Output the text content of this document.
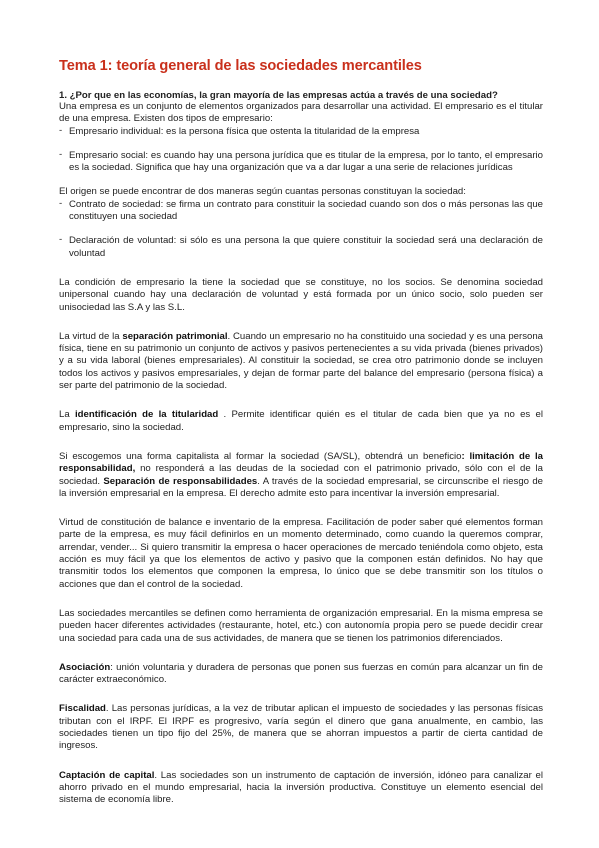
Tema 1: teoría general de las sociedades mercantiles

1. ¿Por que en las economías, la gran mayoría de las empresas actúa a través de una sociedad?

Una empresa es un conjunto de elementos organizados para desarrollar una actividad. El empresario es el titular de una empresa. Existen dos tipos de empresario:

- Empresario individual: es la persona física que ostenta la titularidad de la empresa
- Empresario social: es cuando hay una persona jurídica que es titular de la empresa, por lo tanto, el empresario es la sociedad. Significa que hay una organización que va a dar lugar a una serie de relaciones jurídicas

El origen se puede encontrar de dos maneras según cuantas personas constituyan la sociedad:

- Contrato de sociedad: se firma un contrato para constituir la sociedad cuando son dos o más personas las que constituyen una sociedad
- Declaración de voluntad: si sólo es una persona la que quiere constituir la sociedad será una declaración de voluntad

La condición de empresario la tiene la sociedad que se constituye, no los socios. Se denomina sociedad unipersonal cuando hay una declaración de voluntad y está formada por un único socio, solo pueden ser unisociedad las S.A y las S.L.

La virtud de la separación patrimonial. Cuando un empresario no ha constituido una sociedad y es una persona física, tiene en su patrimonio un conjunto de activos y pasivos pertenecientes a su vida privada (bienes privados) y a su vida laboral (bienes empresariales). Al constituir la sociedad, se crea otro patrimonio donde se incluyen todos los activos y pasivos empresariales, y dejan de formar parte del balance del empresario (persona física) a ser parte del patrimonio de la sociedad.

La identificación de la titularidad . Permite identificar quién es el titular de cada bien que ya no es el empresario, sino la sociedad.

Si escogemos una forma capitalista al formar la sociedad (SA/SL), obtendrá un beneficio: limitación de la responsabilidad, no responderá a las deudas de la sociedad con el patrimonio privado, sólo con el de la sociedad. Separación de responsabilidades. A través de la sociedad empresarial, se circunscribe el riesgo de la inversión empresarial en la empresa. El derecho admite esto para incentivar la inversión empresarial.

Virtud de constitución de balance e inventario de la empresa. Facilitación de poder saber qué elementos forman parte de la empresa, es muy fácil definirlos en un momento determinado, como cuando la queremos comprar, arrendar, vender... Si quiero transmitir la empresa o hacer operaciones de mercado teniéndola como objeto, esta acción es muy fácil ya que los elementos de activo y pasivo que la componen están definidos. No hay que transmitir todos los elementos que componen la empresa, lo único que se debe transmitir son los títulos o acciones que dan el control de la sociedad.

Las sociedades mercantiles se definen como herramienta de organización empresarial. En la misma empresa se pueden hacer diferentes actividades (restaurante, hotel, etc.) con autonomía propia pero se puede decidir crear una sociedad para cada una de sus actividades, de manera que se tienen los patrimonios diferenciados.

Asociación: unión voluntaria y duradera de personas que ponen sus fuerzas en común para alcanzar un fin de carácter extraeconómico.

Fiscalidad. Las personas jurídicas, a la vez de tributar aplican el impuesto de sociedades y las personas físicas tributan con el IRPF. El IRPF es progresivo, varía según el dinero que gana anualmente, en cambio, las sociedades tienen un tipo fijo del 25%, de manera que se ahorran impuestos a partir de cierta cantidad de ingresos.

Captación de capital. Las sociedades son un instrumento de captación de inversión, idóneo para canalizar el ahorro privado en el mundo empresarial, hacia la inversión productiva. Constituye un elemento esencial del sistema de economía libre.
